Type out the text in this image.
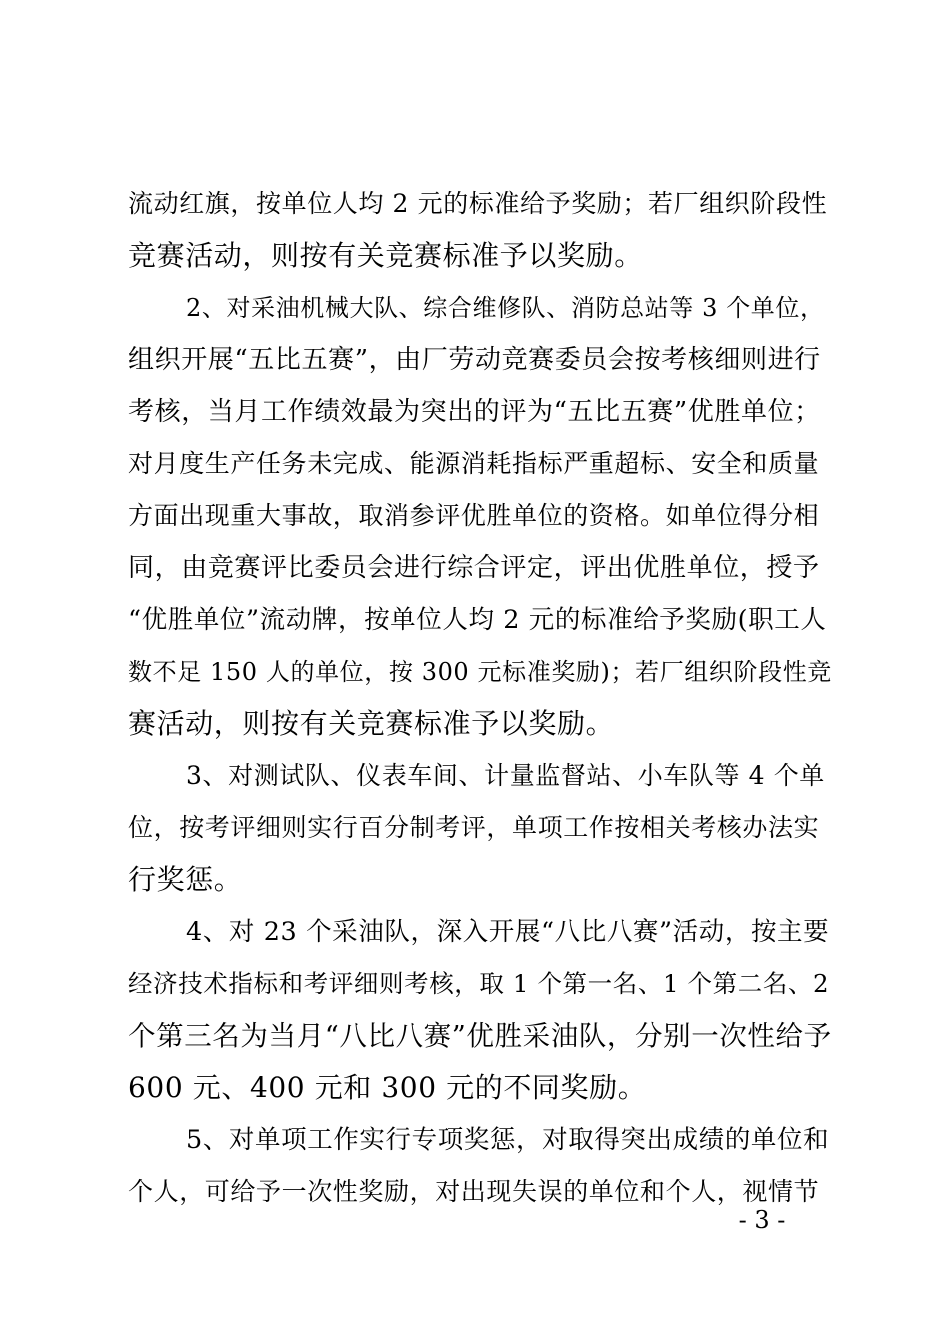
流动红旗，按单位人均 2 元的标准给予奖励；若厂组织阶段性
竞赛活动，则按有关竞赛标准予以奖励。
2、对采油机械大队、综合维修队、消防总站等 3 个单位，
组织开展“五比五赛”，由厂劳动竞赛委员会按考核细则进行
考核，当月工作绩效最为突出的评为“五比五赛”优胜单位；
对月度生产任务未完成、能源消耗指标严重超标、安全和质量
方面出现重大事故，取消参评优胜单位的资格。如单位得分相
同，由竞赛评比委员会进行综合评定，评出优胜单位，授予
“优胜单位”流动牌，按单位人均 2 元的标准给予奖励(职工人
数不足 150 人的单位，按 300 元标准奖励)；若厂组织阶段性竞
赛活动，则按有关竞赛标准予以奖励。
3、对测试队、仪表车间、计量监督站、小车队等 4 个单
位，按考评细则实行百分制考评，单项工作按相关考核办法实
行奖惩。
4、对 23 个采油队，深入开展“八比八赛”活动，按主要
经济技术指标和考评细则考核，取 1 个第一名、1 个第二名、2
个第三名为当月“八比八赛”优胜采油队，分别一次性给予
600 元、400 元和 300 元的不同奖励。
5、对单项工作实行专项奖惩，对取得突出成绩的单位和
个人，可给予一次性奖励，对出现失误的单位和个人，视情节
- 3 -
